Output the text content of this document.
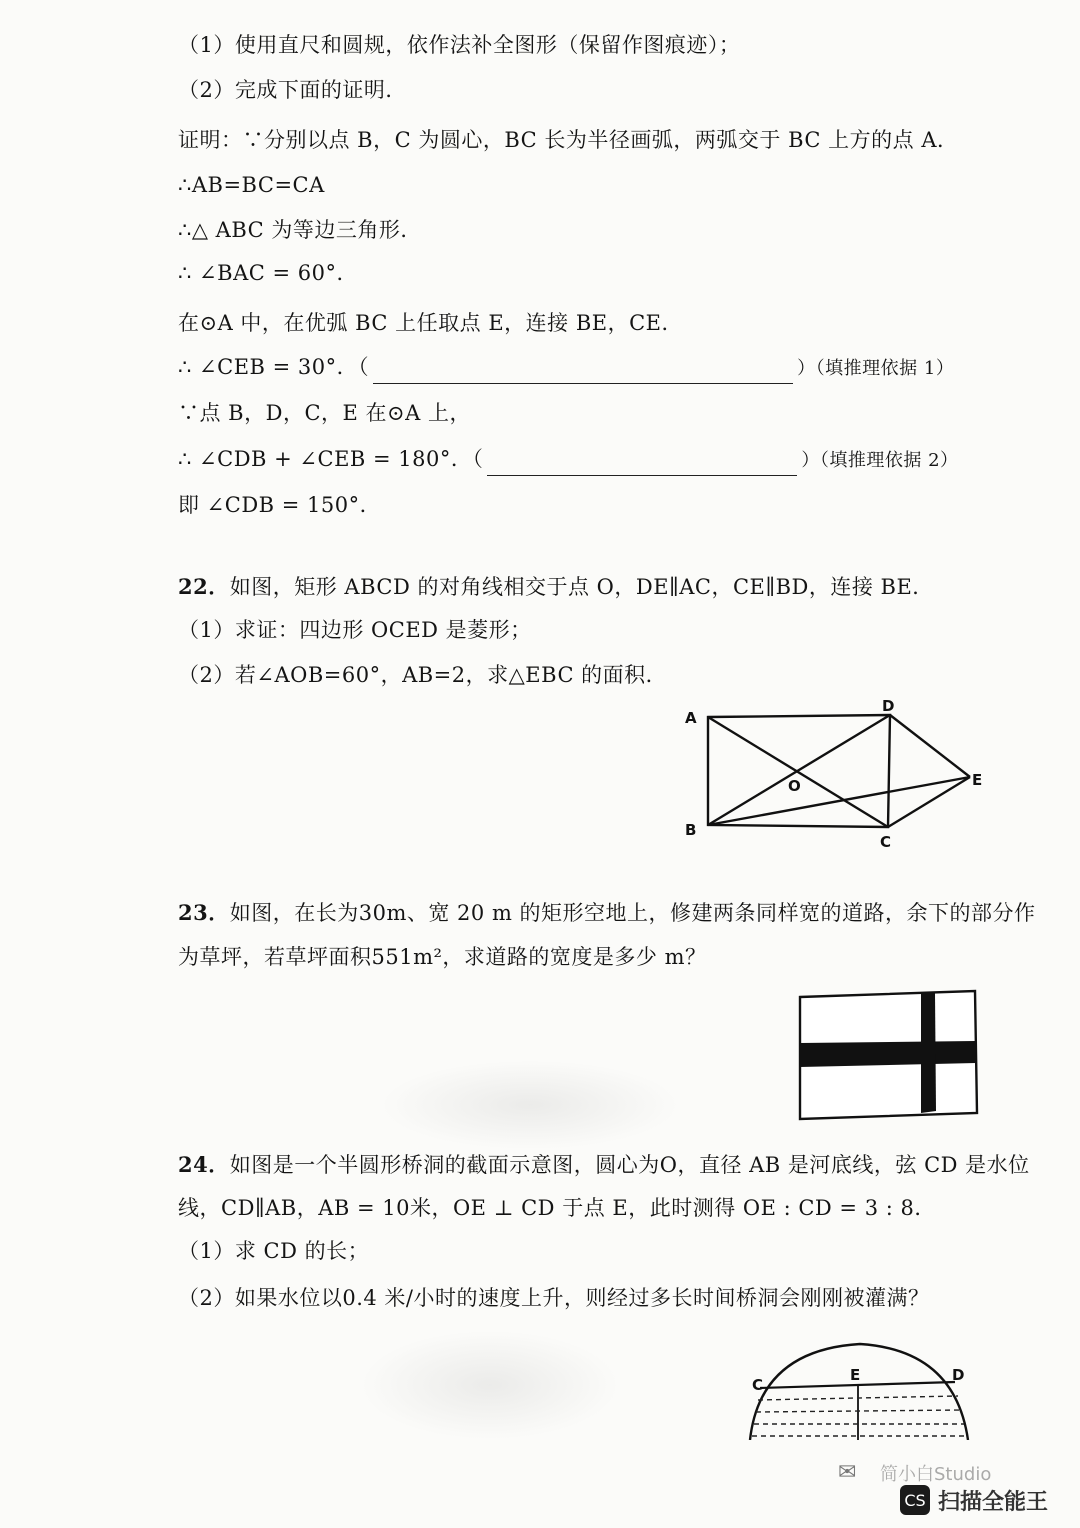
（1）使用直尺和圆规，依作法补全图形（保留作图痕迹）；
（2）完成下面的证明．
证明：∵分别以点 B，C 为圆心，BC 长为半径画弧，两弧交于 BC 上方的点 A．
∴AB=BC=CA
∴△ ABC 为等边三角形．
∴ ∠BAC = 60°．
在⊙A 中，在优弧 BC 上任取点 E，连接 BE，CE．
∴ ∠CEB = 30°．（	）（填推理依据 1）
∵点 B，D，C，E 在⊙A 上，
∴ ∠CDB + ∠CEB = 180°．（	）（填推理依据 2）
即 ∠CDB = 150°．
22．如图，矩形 ABCD 的对角线相交于点 O，DE∥AC，CE∥BD，连接 BE．
（1）求证：四边形 OCED 是菱形；
（2）若∠AOB=60°，AB=2，求△EBC 的面积．
A
D
E
O
B
C
23．如图，在长为30m、宽 20 m 的矩形空地上，修建两条同样宽的道路，余下的部分作
为草坪，若草坪面积551m²，求道路的宽度是多少 m？
24．如图是一个半圆形桥洞的截面示意图，圆心为O，直径 AB 是河底线，弦 CD 是水位
线，CD∥AB，AB = 10米，OE ⊥ CD 于点 E，此时测得 OE : CD = 3 : 8．
（1）求 CD 的长；
（2）如果水位以0.4 米/小时的速度上升，则经过多长时间桥洞会刚刚被灌满？
C
E	D
✉ 简小白Studio
CS 扫描全能王
